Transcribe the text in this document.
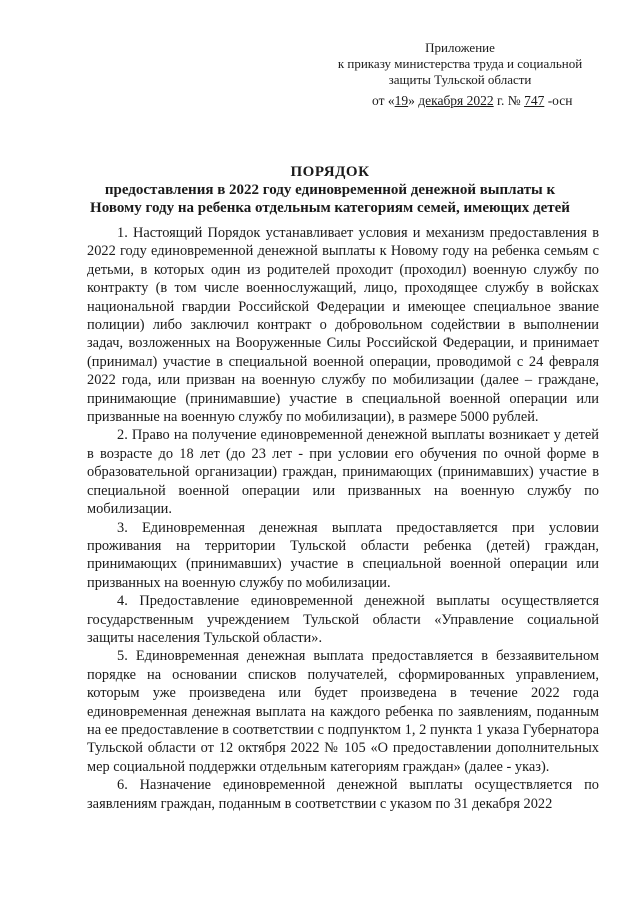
Приложение
к приказу министерства труда и социальной
защиты Тульской области
от «19» декабря 2022 г. № 747 -осн
ПОРЯДОК
предоставления в 2022 году единовременной денежной выплаты к
Новому году на ребенка отдельным категориям семей, имеющих детей

1. Настоящий Порядок устанавливает условия и механизм предоставления в 2022 году единовременной денежной выплаты к Новому году на ребенка семьям с детьми, в которых один из родителей проходит (проходил) военную службу по контракту (в том числе военнослужащий, лицо, проходящее службу в войсках национальной гвардии Российской Федерации и имеющее специальное звание полиции) либо заключил контракт о добровольном содействии в выполнении задач, возложенных на Вооруженные Силы Российской Федерации, и принимает (принимал) участие в специальной военной операции, проводимой с 24 февраля 2022 года, или призван на военную службу по мобилизации (далее – граждане, принимающие (принимавшие) участие в специальной военной операции или призванные на военную службу по мобилизации), в размере 5000 рублей.

2. Право на получение единовременной денежной выплаты возникает у детей в возрасте до 18 лет (до 23 лет - при условии его обучения по очной форме в образовательной организации) граждан, принимающих (принимавших) участие в специальной военной операции или призванных на военную службу по мобилизации.

3. Единовременная денежная выплата предоставляется при условии проживания на территории Тульской области ребенка (детей) граждан, принимающих (принимавших) участие в специальной военной операции или призванных на военную службу по мобилизации.

4. Предоставление единовременной денежной выплаты осуществляется государственным учреждением Тульской области «Управление социальной защиты населения Тульской области».

5. Единовременная денежная выплата предоставляется в беззаявительном порядке на основании списков получателей, сформированных управлением, которым уже произведена или будет произведена в течение 2022 года единовременная денежная выплата на каждого ребенка по заявлениям, поданным на ее предоставление в соответствии с подпунктом 1, 2 пункта 1 указа Губернатора Тульской области от 12 октября 2022 № 105 «О предоставлении дополнительных мер социальной поддержки отдельным категориям граждан» (далее - указ).

6. Назначение единовременной денежной выплаты осуществляется по заявлениям граждан, поданным в соответствии с указом по 31 декабря 2022
